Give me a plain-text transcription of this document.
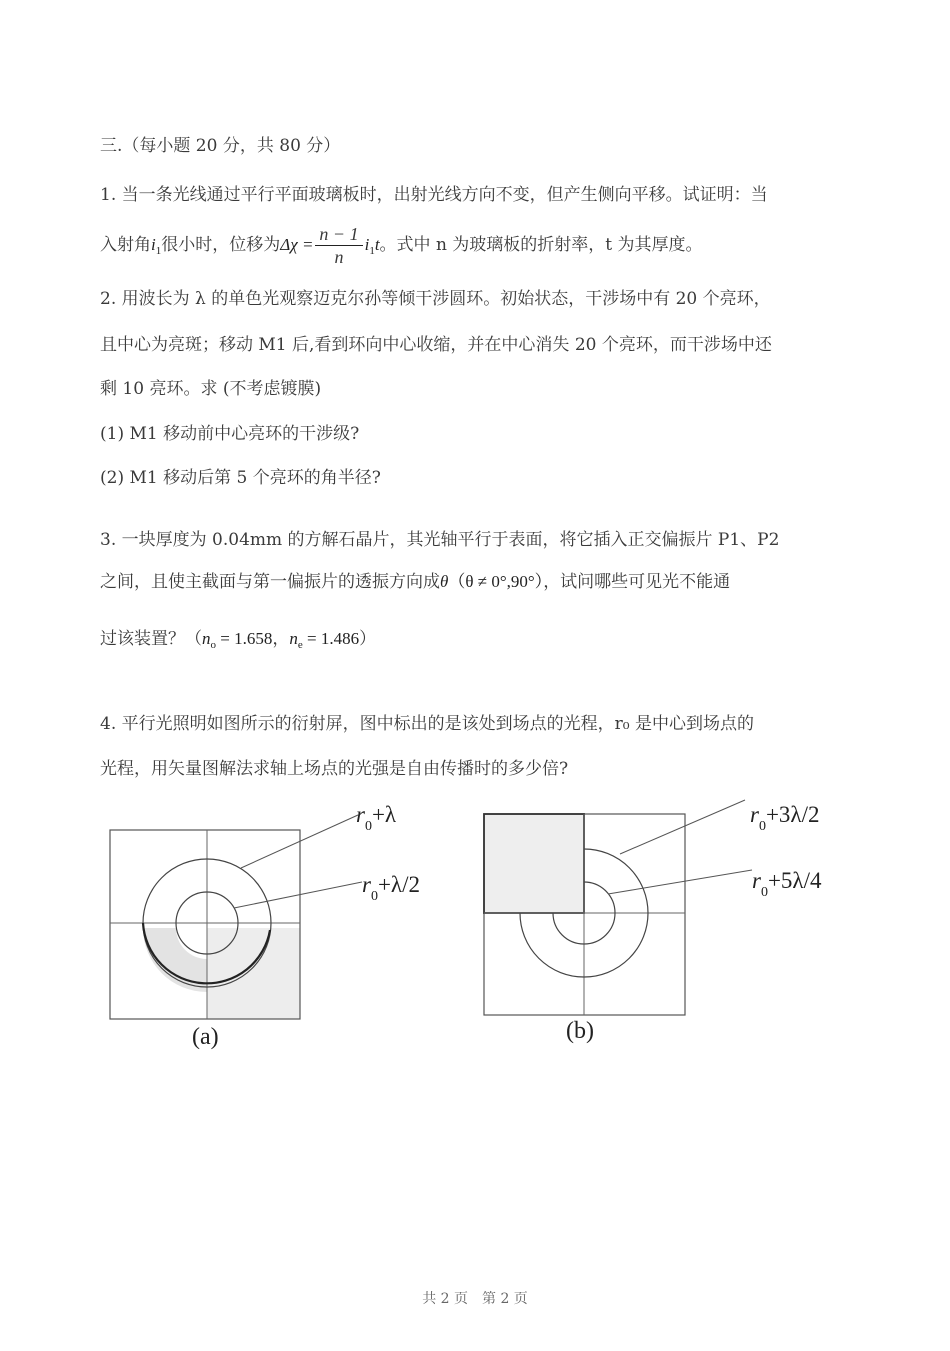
三.（每小题 20 分，共 80 分）
1. 当一条光线通过平行平面玻璃板时，出射光线方向不变，但产生侧向平移。试证明：当
入射角$i_1$很小时，位移为$\Delta\chi = \frac{n - 1}{n} i_1t$。式中 n 为玻璃板的折射率，t 为其厚度。
2. 用波长为 λ 的单色光观察迈克尔孙等倾干涉圆环。初始状态，干涉场中有 20 个亮环，
且中心为亮斑；移动 M1 后,看到环向中心收缩，并在中心消失 20 个亮环，而干涉场中还
剩 10 亮环。求 (不考虑镀膜)
(1) M1 移动前中心亮环的干涉级?
(2) M1 移动后第 5 个亮环的角半径?
3. 一块厚度为 0.04mm 的方解石晶片，其光轴平行于表面，将它插入正交偏振片 P1、P2
之间，且使主截面与第一偏振片的透振方向成θ（θ ≠ 0°,90°），试问哪些可见光不能通
过该装置？（$n_o = 1.658$，$n_e = 1.486$）
4. 平行光照明如图所示的衍射屏，图中标出的是该处到场点的光程，r₀ 是中心到场点的
光程，用矢量图解法求轴上场点的光强是自由传播时的多少倍?
$r_0+\lambda$
$r_0+\lambda/2$
(a)
$r_0+3\lambda/2$
$r_0+5\lambda/4$
(b)
共 2 页　第 2 页
